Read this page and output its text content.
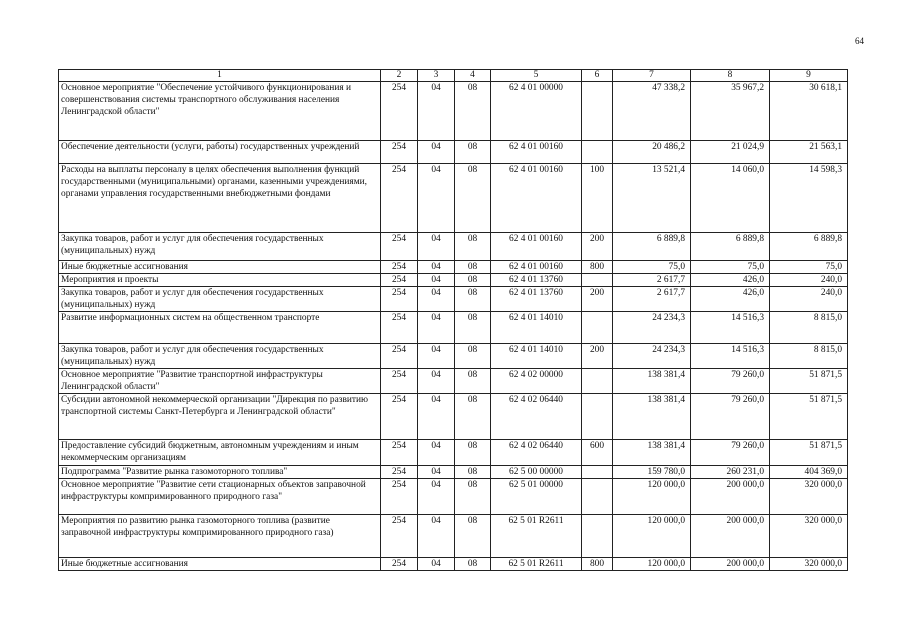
64
1	2	3	4	5	6	7	8	9
Основное мероприятие "Обеспечение устойчивого функционирования и совершенствования системы транспортного обслуживания населения Ленинградской области"	254	04	08	62 4 01 00000		47 338,2	35 967,2	30 618,1
Обеспечение деятельности (услуги, работы) государственных учреждений	254	04	08	62 4 01 00160		20 486,2	21 024,9	21 563,1
Расходы на выплаты персоналу в целях обеспечения выполнения функций государственными (муниципальными) органами, казенными учреждениями, органами управления государственными внебюджетными фондами	254	04	08	62 4 01 00160	100	13 521,4	14 060,0	14 598,3
Закупка товаров, работ и услуг для обеспечения государственных (муниципальных) нужд	254	04	08	62 4 01 00160	200	6 889,8	6 889,8	6 889,8
Иные бюджетные ассигнования	254	04	08	62 4 01 00160	800	75,0	75,0	75,0
Мероприятия и проекты	254	04	08	62 4 01 13760		2 617,7	426,0	240,0
Закупка товаров, работ и услуг для обеспечения государственных (муниципальных) нужд	254	04	08	62 4 01 13760	200	2 617,7	426,0	240,0
Развитие информационных систем на общественном транспорте	254	04	08	62 4 01 14010		24 234,3	14 516,3	8 815,0
Закупка товаров, работ и услуг для обеспечения государственных (муниципальных) нужд	254	04	08	62 4 01 14010	200	24 234,3	14 516,3	8 815,0
Основное мероприятие "Развитие транспортной инфраструктуры Ленинградской области"	254	04	08	62 4 02 00000		138 381,4	79 260,0	51 871,5
Субсидии автономной некоммерческой организации "Дирекция по развитию транспортной системы Санкт-Петербурга и Ленинградской области"	254	04	08	62 4 02 06440		138 381,4	79 260,0	51 871,5
Предоставление субсидий бюджетным, автономным учреждениям и иным некоммерческим организациям	254	04	08	62 4 02 06440	600	138 381,4	79 260,0	51 871,5
Подпрограмма "Развитие рынка газомоторного топлива"	254	04	08	62 5 00 00000		159 780,0	260 231,0	404 369,0
Основное мероприятие "Развитие сети стационарных объектов заправочной инфраструктуры компримированного природного газа"	254	04	08	62 5 01 00000		120 000,0	200 000,0	320 000,0
Мероприятия по развитию рынка газомоторного топлива (развитие заправочной инфраструктуры компримированного природного газа)	254	04	08	62 5 01 R2611		120 000,0	200 000,0	320 000,0
Иные бюджетные ассигнования	254	04	08	62 5 01 R2611	800	120 000,0	200 000,0	320 000,0
